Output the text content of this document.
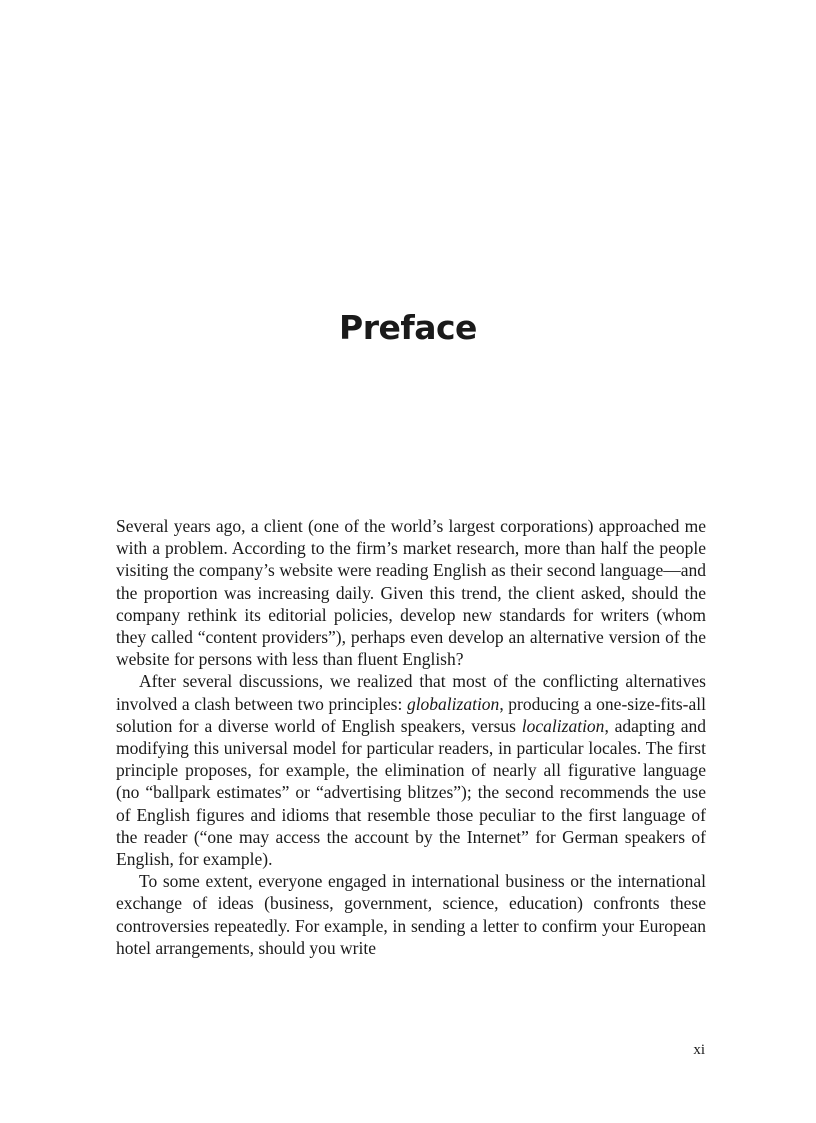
Preface

Several years ago, a client (one of the world’s largest corporations) approached me with a problem. According to the firm’s market research, more than half the people visiting the company’s website were reading English as their second language—and the proportion was increasing daily. Given this trend, the client asked, should the company rethink its editorial policies, develop new standards for writers (whom they called “content providers”), perhaps even develop an alternative version of the website for persons with less than fluent English?

After several discussions, we realized that most of the conflicting alternatives involved a clash between two principles: globalization, producing a one-size-fits-all solution for a diverse world of English speakers, versus localization, adapting and modifying this universal model for particular readers, in particular locales. The first principle proposes, for example, the elimination of nearly all figurative language (no “ballpark estimates” or “advertising blitzes”); the second recommends the use of English figures and idioms that resemble those peculiar to the first language of the reader (“one may access the account by the Internet” for German speakers of English, for example).

To some extent, everyone engaged in international business or the international exchange of ideas (business, government, science, education) confronts these controversies repeatedly. For example, in sending a letter to confirm your European hotel arrangements, should you write

xi
